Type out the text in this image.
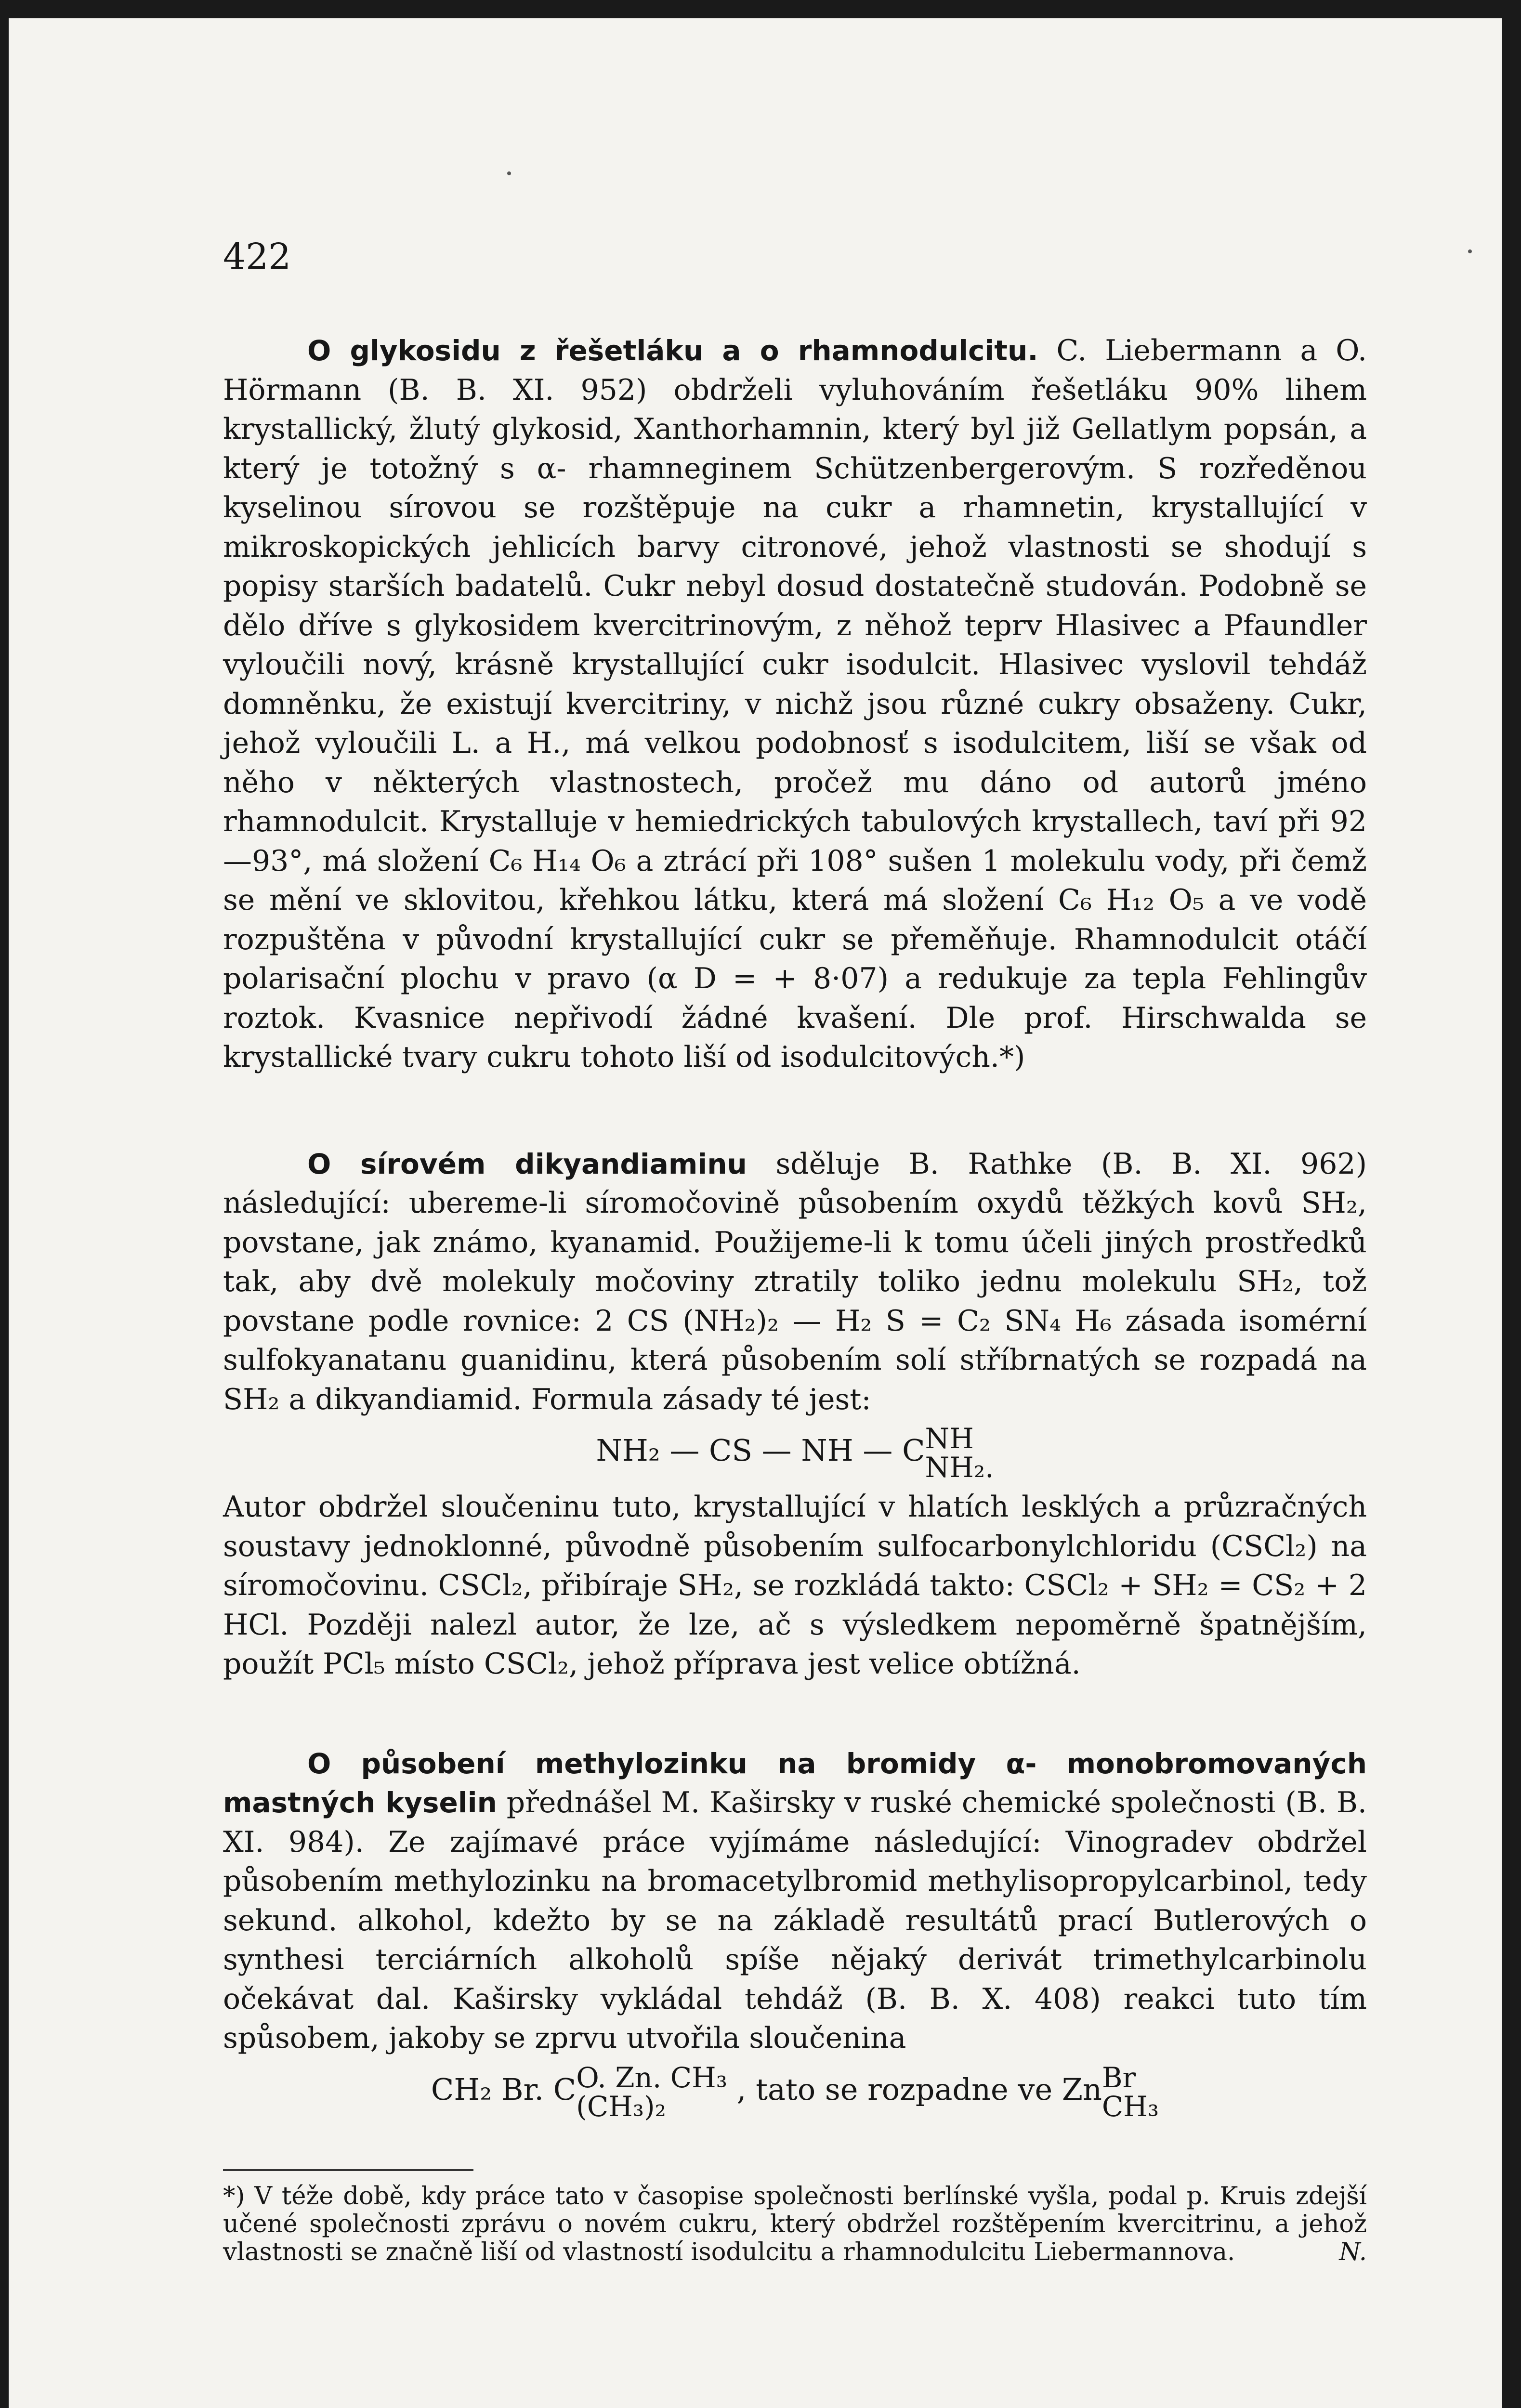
422

O glykosidu z řešetláku a o rhamnodulcitu. C. Liebermann a O. Hörmann (B. B. XI. 952) obdrželi vyluhováním řešetláku 90% lihem krystallický, žlutý glykosid, Xanthorhamnin, který byl již Gellatlym popsán, a který je totožný s α- rhamneginem Schützenbergerovým. S rozředěnou kyselinou sírovou se rozštěpuje na cukr a rhamnetin, krystallující v mikroskopických jehlicích barvy citronové, jehož vlastnosti se shodují s popisy starších badatelů. Cukr nebyl dosud dostatečně studován. Podobně se dělo dříve s glykosidem kvercitrinovým, z něhož teprv Hlasivec a Pfaundler vyloučili nový, krásně krystallující cukr isodulcit. Hlasivec vyslovil tehdáž domněnku, že existují kvercitriny, v nichž jsou různé cukry obsaženy. Cukr, jehož vyloučili L. a H., má velkou podobnosť s isodulcitem, liší se však od něho v některých vlastnostech, pročež mu dáno od autorů jméno rhamnodulcit. Krystalluje v hemiedrických tabulových krystallech, taví při 92—93°, má složení C₆ H₁₄ O₆ a ztrácí při 108° sušen 1 molekulu vody, při čemž se mění ve sklovitou, křehkou látku, která má složení C₆ H₁₂ O₅ a ve vodě rozpuštěna v původní krystallující cukr se přeměňuje. Rhamnodulcit otáčí polarisační plochu v pravo (α D = + 8·07) a redukuje za tepla Fehlingův roztok. Kvasnice nepřivodí žádné kvašení. Dle prof. Hirschwalda se krystallické tvary cukru tohoto liší od isodulcitových.*)

O sírovém dikyandiaminu sděluje B. Rathke (B. B. XI. 962) následující: ubereme-li síromočovině působením oxydů těžkých kovů SH₂, povstane, jak známo, kyanamid. Použijeme-li k tomu účeli jiných prostředků tak, aby dvě molekuly močoviny ztratily toliko jednu molekulu SH₂, tož povstane podle rovnice: 2 CS (NH₂)₂ — H₂ S = C₂ SN₄ H₆ zásada isomérní sulfokyanatanu guanidinu, která působením solí stříbrnatých se rozpadá na SH₂ a dikyandiamid. Formula zásady té jest:

NH₂ — CS — NH — C NH
NH₂.

Autor obdržel sloučeninu tuto, krystallující v hlatích lesklých a průzračných soustavy jednoklonné, původně působením sulfocarbonylchloridu (CSCl₂) na síromočovinu. CSCl₂, přibíraje SH₂, se rozkládá takto: CSCl₂ + SH₂ = CS₂ + 2 HCl. Později nalezl autor, že lze, ač s výsledkem nepoměrně špatnějším, použít PCl₅ místo CSCl₂, jehož příprava jest velice obtížná.

O působení methylozinku na bromidy α- monobromovaných mastných kyselin přednášel M. Kaširsky v ruské chemické společnosti (B. B. XI. 984). Ze zajímavé práce vyjímáme následující: Vinogradev obdržel působením methylozinku na bromacetylbromid methylisopropylcarbinol, tedy sekund. alkohol, kdežto by se na základě resultátů prací Butlerových o synthesi terciárních alkoholů spíše nějaký derivát trimethylcarbinolu očekávat dal. Kaširsky vykládal tehdáž (B. B. X. 408) reakci tuto tím spůsobem, jakoby se zprvu utvořila sloučenina

CH₂ Br. C O. Zn. CH₃
(CH₃)₂	, tato se rozpadne ve Zn Br
CH₃

*) V téže době, kdy práce tato v časopise společnosti berlínské vyšla, podal p. Kruis zdejší učené společnosti zprávu o novém cukru, který obdržel rozštěpením kvercitrinu, a jehož vlastnosti se značně liší od vlastností isodulcitu a rhamnodulcitu Liebermannova.	N.
